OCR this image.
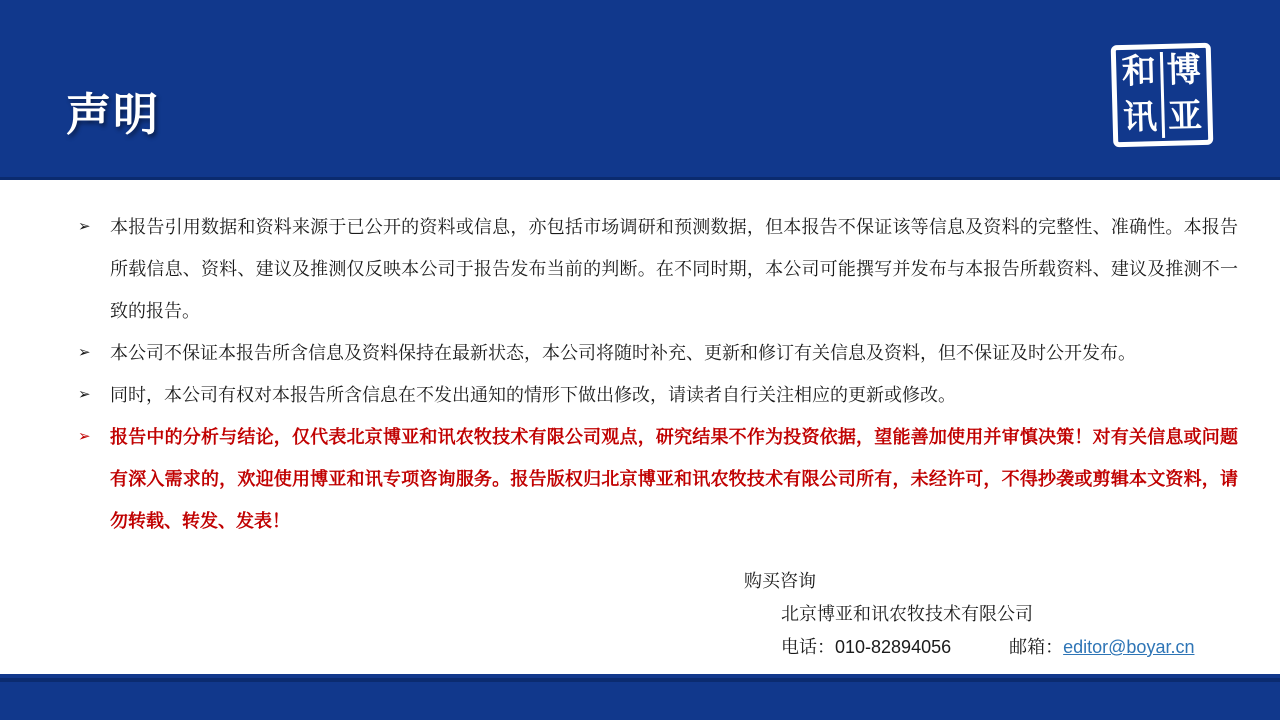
声明
和 博
讯 亚
➢	本报告引用数据和资料来源于已公开的资料或信息，亦包括市场调研和预测数据，但本报告不保证该等信息及资料的完整性、准确性。本报告所载信息、资料、建议及推测仅反映本公司于报告发布当前的判断。在不同时期，本公司可能撰写并发布与本报告所载资料、建议及推测不一致的报告。
➢	本公司不保证本报告所含信息及资料保持在最新状态，本公司将随时补充、更新和修订有关信息及资料，但不保证及时公开发布。
➢	同时，本公司有权对本报告所含信息在不发出通知的情形下做出修改，请读者自行关注相应的更新或修改。
➢	报告中的分析与结论，仅代表北京博亚和讯农牧技术有限公司观点，研究结果不作为投资依据，望能善加使用并审慎决策！对有关信息或问题有深入需求的，欢迎使用博亚和讯专项咨询服务。报告版权归北京博亚和讯农牧技术有限公司所有，未经许可，不得抄袭或剪辑本文资料，请勿转载、转发、发表！
购买咨询
北京博亚和讯农牧技术有限公司
电话：010-82894056	邮箱：editor@boyar.cn
